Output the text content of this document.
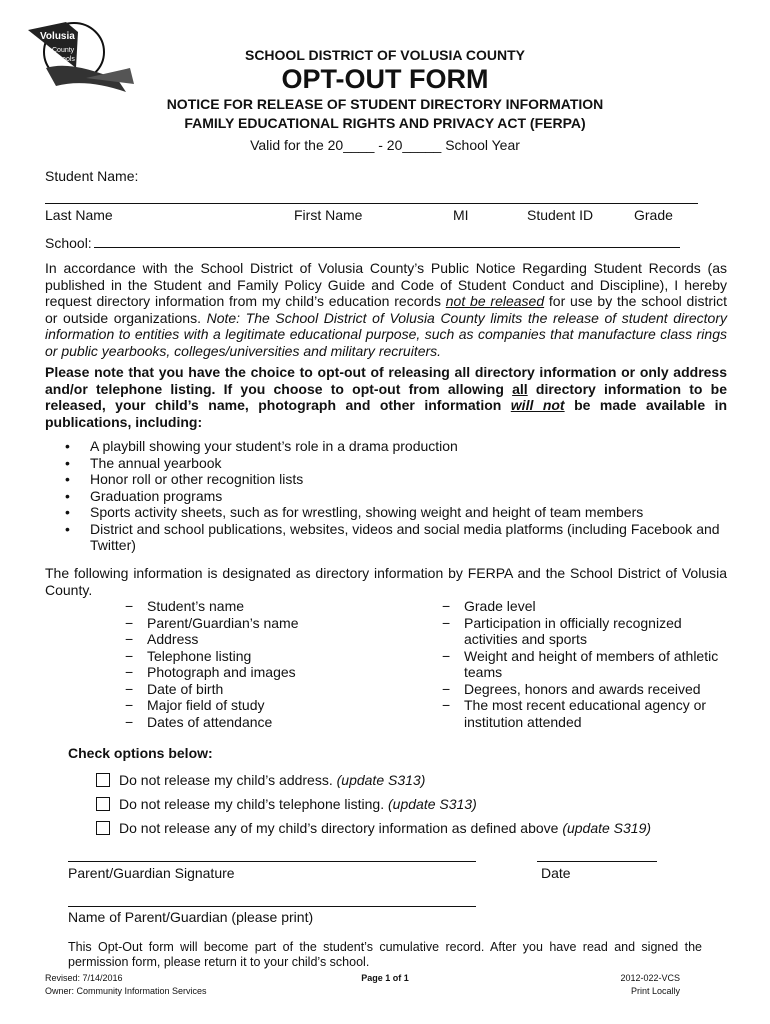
Volusia
County
Schools	SCHOOL DISTRICT OF VOLUSIA COUNTY
OPT-OUT FORM
NOTICE FOR RELEASE OF STUDENT DIRECTORY INFORMATION
FAMILY EDUCATIONAL RIGHTS AND PRIVACY ACT (FERPA)
Valid for the 20____ - 20_____ School Year
Student Name:
Last Name	First Name	MI	Student ID	Grade
School:
In accordance with the School District of Volusia County’s Public Notice Regarding Student Records (as published in the Student and Family Policy Guide and Code of Student Conduct and Discipline), I hereby request directory information from my child’s education records not be released for use by the school district or outside organizations. Note: The School District of Volusia County limits the release of student directory information to entities with a legitimate educational purpose, such as companies that manufacture class rings or public yearbooks, colleges/universities and military recruiters.
Please note that you have the choice to opt-out of releasing all directory information or only address and/or telephone listing. If you choose to opt-out from allowing all directory information to be released, your child’s name, photograph and other information will not be made available in publications, including:
• A playbill showing your student’s role in a drama production
• The annual yearbook
• Honor roll or other recognition lists
• Graduation programs
• Sports activity sheets, such as for wrestling, showing weight and height of team members
• District and school publications, websites, videos and social media platforms (including Facebook and Twitter)
The following information is designated as directory information by FERPA and the School District of Volusia County.
− Student’s name
− Parent/Guardian’s name
− Address
− Telephone listing
− Photograph and images
− Date of birth
− Major field of study
− Dates of attendance
− Grade level
− Participation in officially recognized activities and sports
− Weight and height of members of athletic teams
− Degrees, honors and awards received
− The most recent educational agency or institution attended
Check options below:
Do not release my child’s address. (update S313)
Do not release my child’s telephone listing. (update S313)
Do not release any of my child’s directory information as defined above (update S319)
Parent/Guardian Signature	Date
Name of Parent/Guardian (please print)
This Opt-Out form will become part of the student’s cumulative record. After you have read and signed the permission form, please return it to your child’s school.
Revised: 7/14/2016
Owner: Community Information Services
Page 1 of 1	2012-022-VCS
Print Locally
